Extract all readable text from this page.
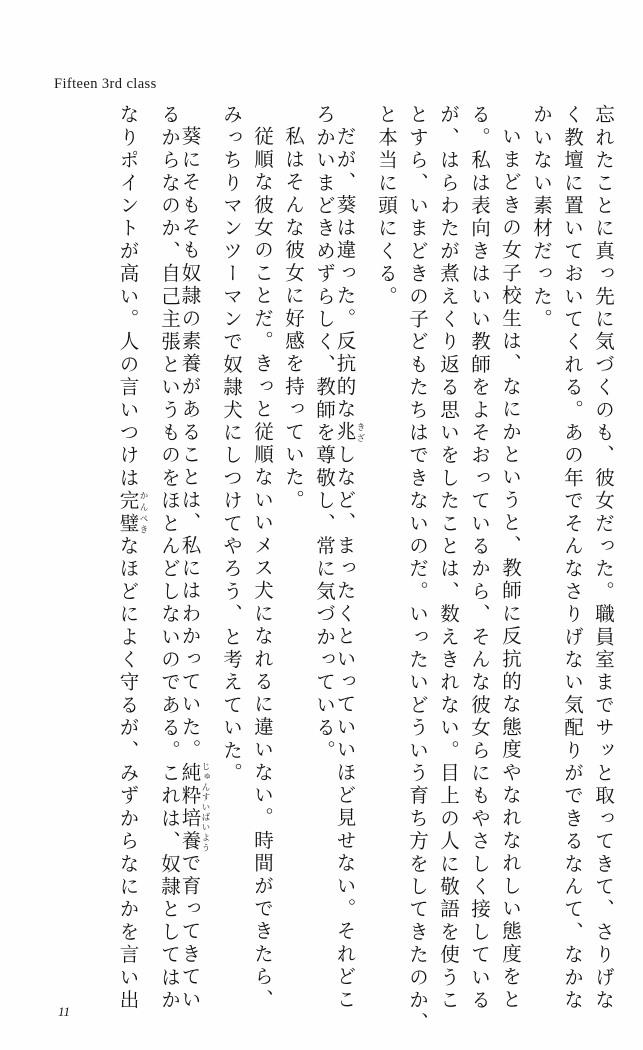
Fifteen 3rd class
忘れたことに真っ先に気づくのも、彼女だった。職員室までサッと取ってきて、さりげな
く教壇に置いておいてくれる。あの年でそんなさりげない気配りができるなんて、なかな
かいない素材だった。
いまどきの女子校生は、なにかというと、教師に反抗的な態度やなれなれしい態度をと
る。私は表向きはいい教師をよそおっているから、そんな彼女らにもやさしく接している
が、はらわたが煮えくり返る思いをしたことは、数えきれない。目上の人に敬語を使うこ
とすら、いまどきの子どもたちはできないのだ。いったいどういう育ち方をしてきたのか、
と本当に頭にくる。
だが、葵は違った。反抗的な兆きざしなど、まったくといっていいほど見せない。それどこ
ろかいまどきめずらしく、教師を尊敬し、常に気づかっている。
私はそんな彼女に好感を持っていた。
従順な彼女のことだ。きっと従順ないいメス犬になれるに違いない。時間ができたら、
みっちりマンツーマンで奴隷犬にしつけてやろう、と考えていた。
葵にそもそも奴隷の素養があることは、私にはわかっていた。純粋培養じゅんすいばいようで育ってきてい
るからなのか、自己主張というものをほとんどしないのである。これは、奴隷としてはか
なりポイントが高い。人の言いつけは完璧かんぺきなほどによく守るが、みずからなにかを言い出
11
